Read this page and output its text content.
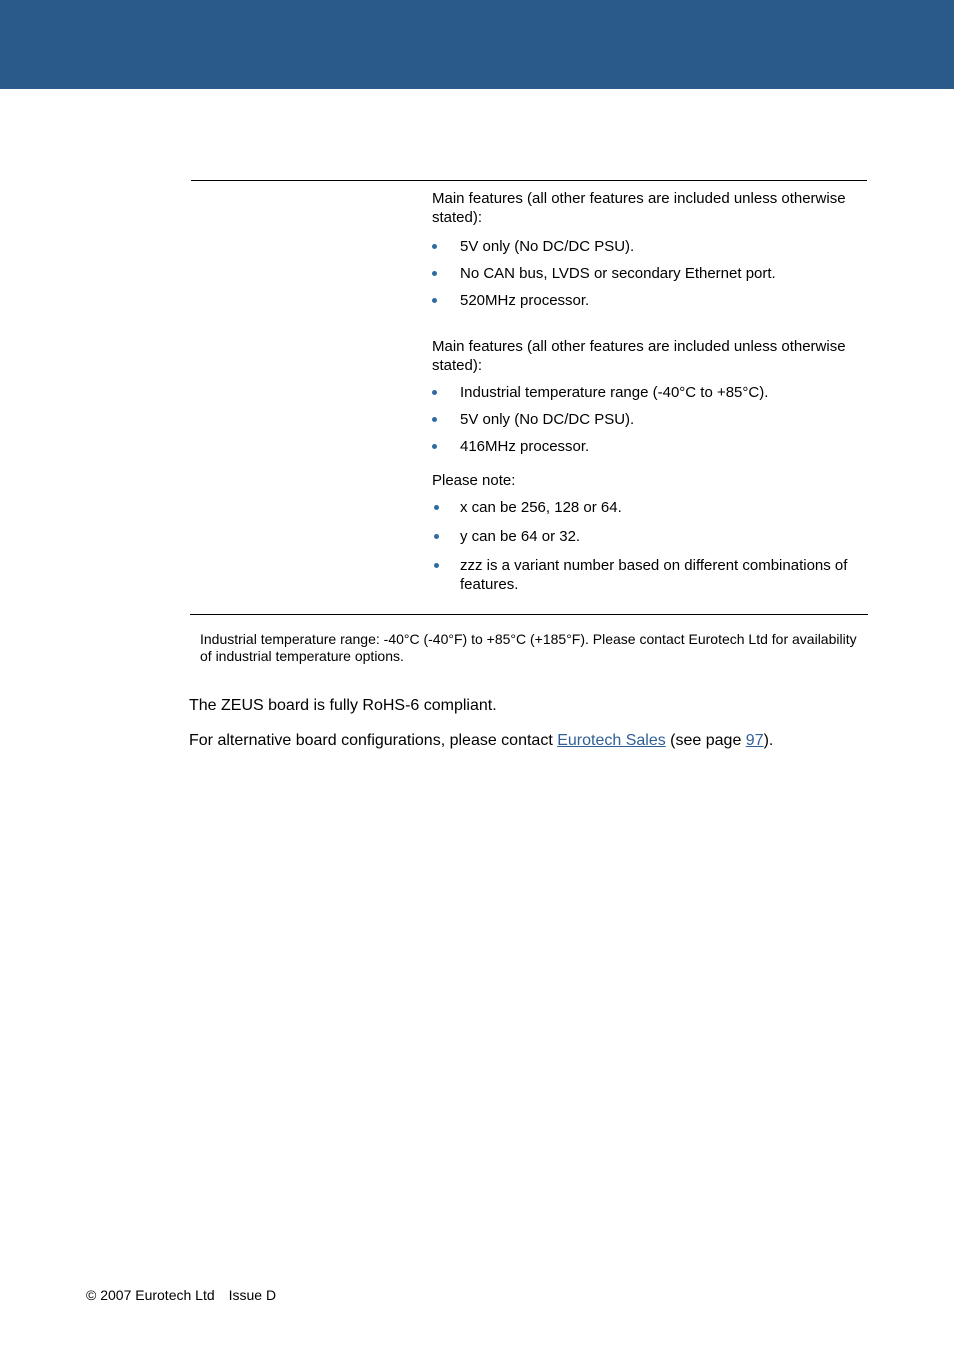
Main features (all other features are included unless otherwise stated):

5V only (No DC/DC PSU).
No CAN bus, LVDS or secondary Ethernet port.
520MHz processor.

Main features (all other features are included unless otherwise stated):

Industrial temperature range (-40°C to +85°C).
5V only (No DC/DC PSU).
416MHz processor.

Please note:

x can be 256, 128 or 64.
y can be 64 or 32.
zzz is a variant number based on different combinations of features.
Industrial temperature range: -40°C (-40°F) to +85°C (+185°F). Please contact Eurotech Ltd for availability of industrial temperature options.
The ZEUS board is fully RoHS-6 compliant.
For alternative board configurations, please contact Eurotech Sales (see page 97).
© 2007 Eurotech Ltd Issue D
